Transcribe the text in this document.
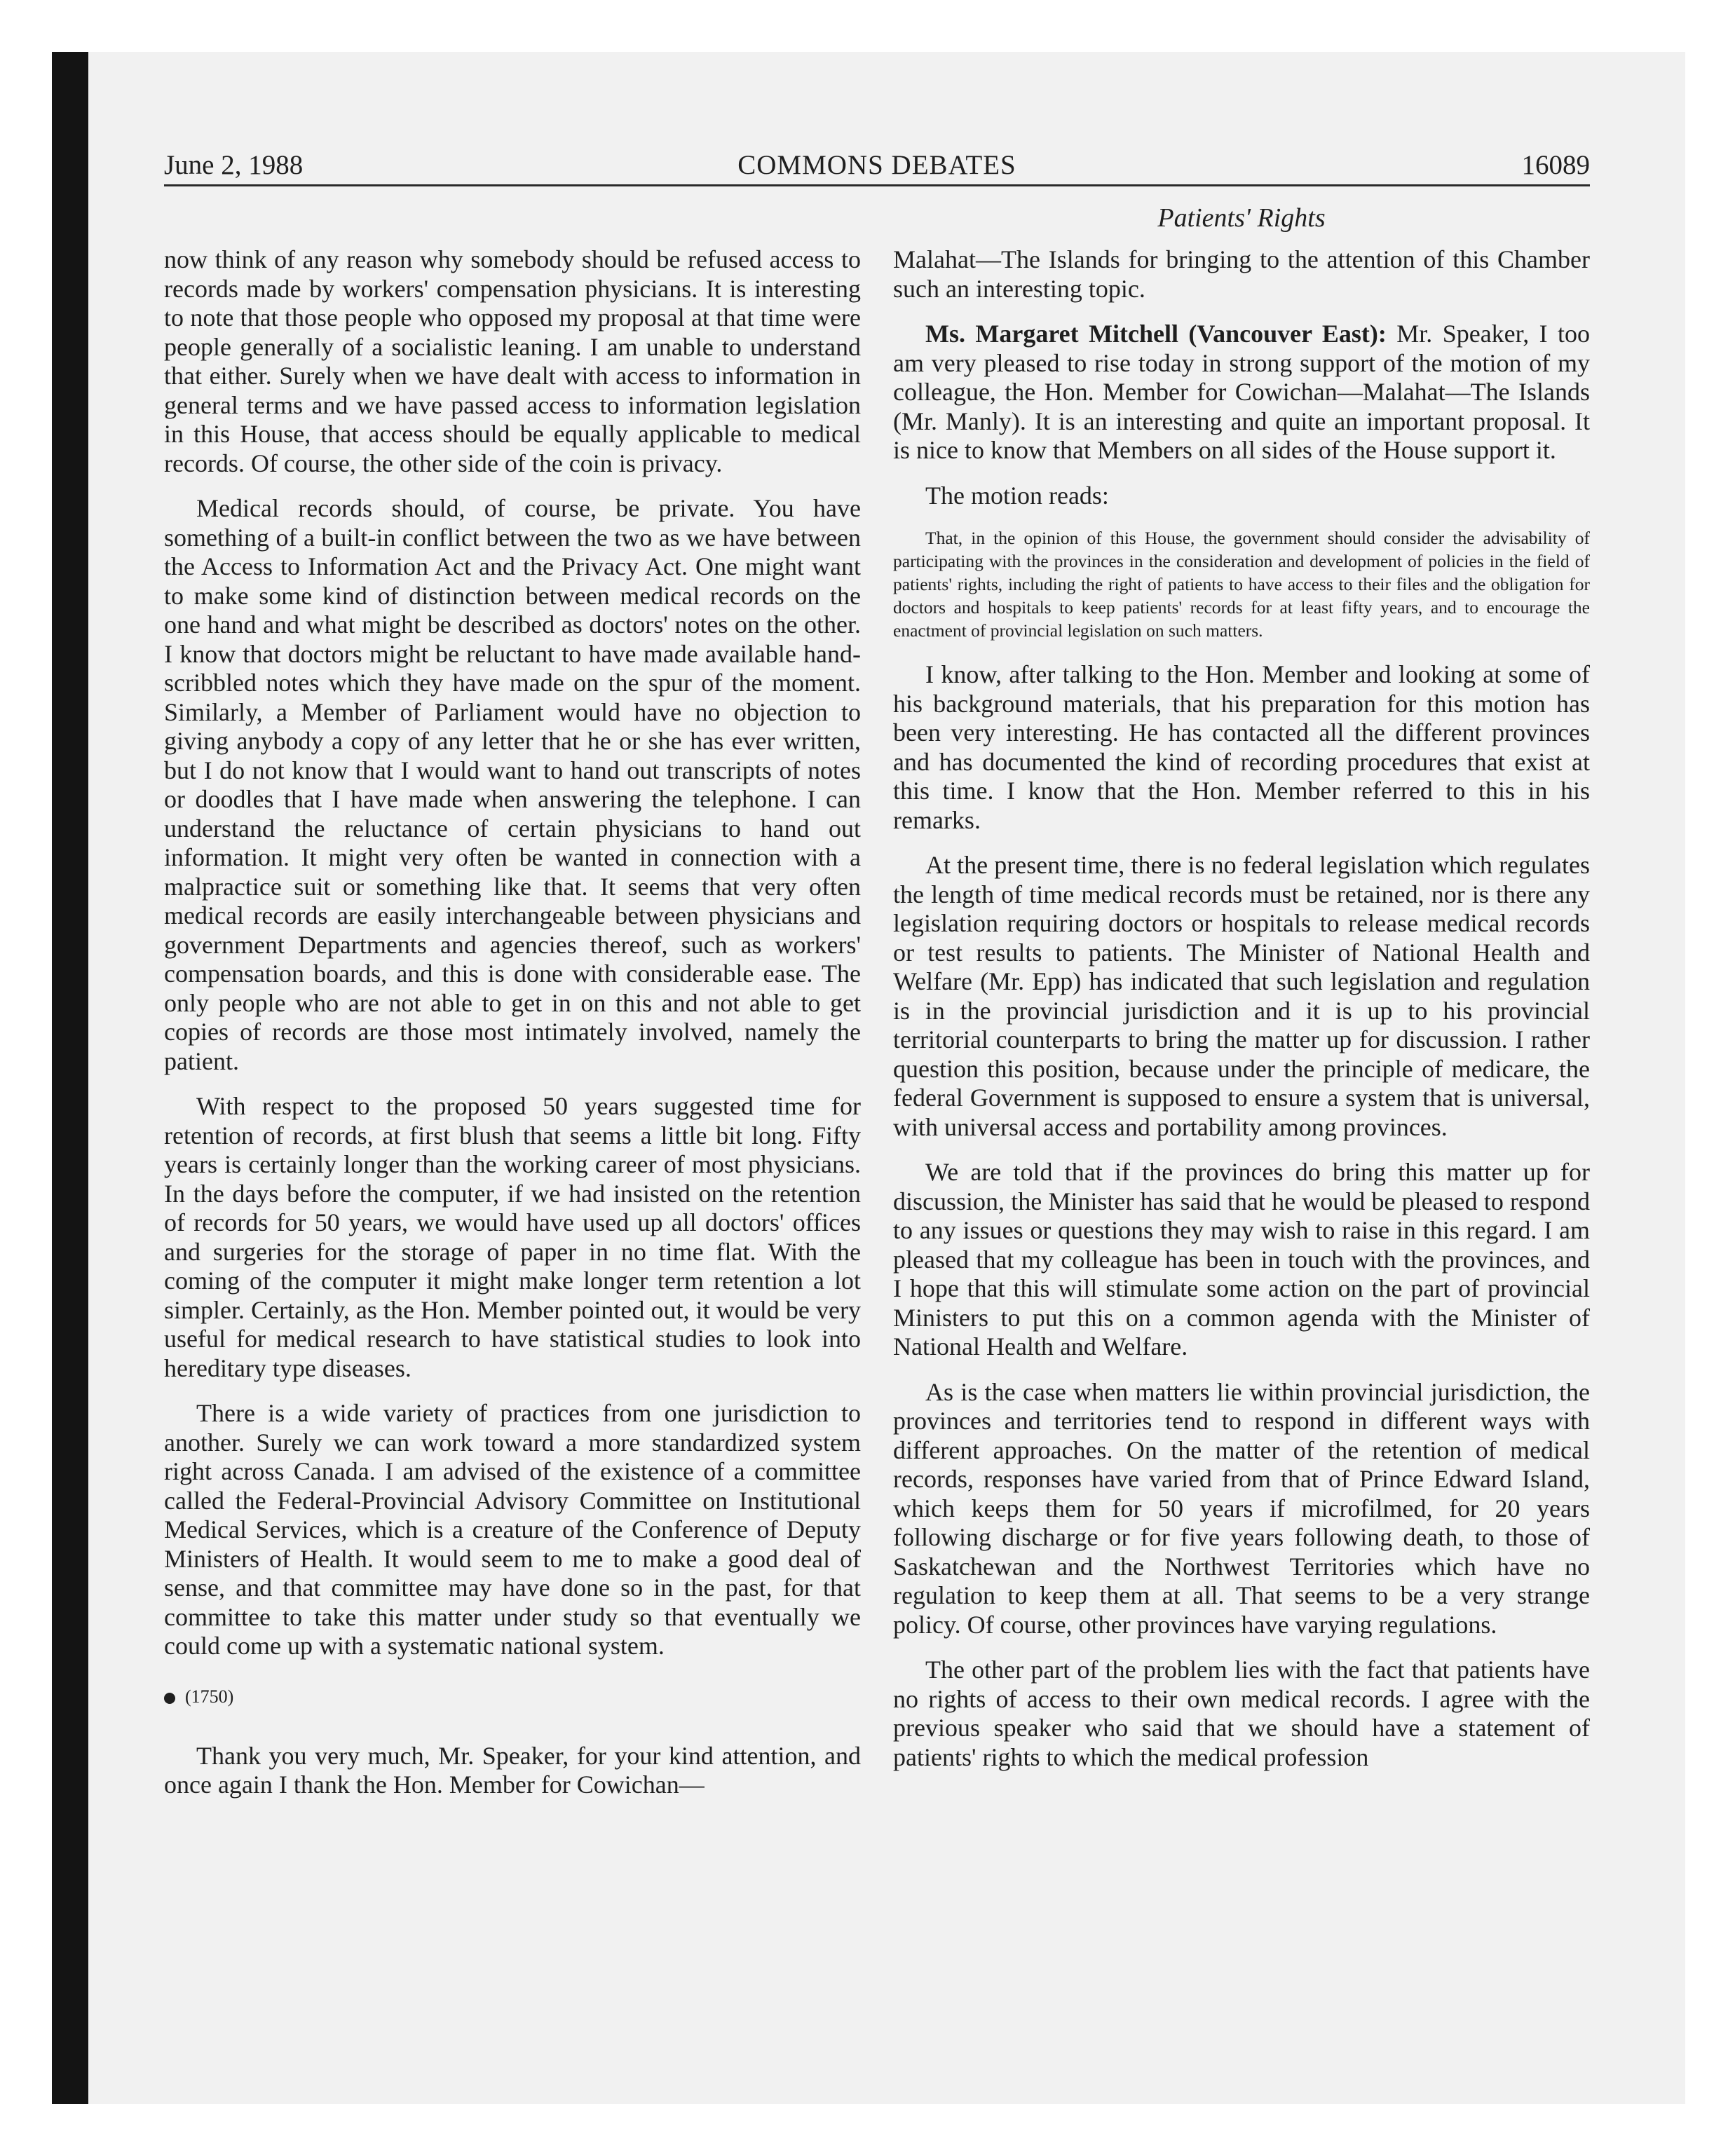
June 2, 1988	COMMONS DEBATES	16089
Patients' Rights

now think of any reason why somebody should be refused access to records made by workers' compensation physicians. It is interesting to note that those people who opposed my proposal at that time were people generally of a socialistic leaning. I am unable to understand that either. Surely when we have dealt with access to information in general terms and we have passed access to information legislation in this House, that access should be equally applicable to medical records. Of course, the other side of the coin is privacy.

Medical records should, of course, be private. You have something of a built-in conflict between the two as we have between the Access to Information Act and the Privacy Act. One might want to make some kind of distinction between medical records on the one hand and what might be described as doctors' notes on the other. I know that doctors might be reluctant to have made available hand-scribbled notes which they have made on the spur of the moment. Similarly, a Member of Parliament would have no objection to giving anybody a copy of any letter that he or she has ever written, but I do not know that I would want to hand out transcripts of notes or doodles that I have made when answering the telephone. I can understand the reluctance of certain physicians to hand out information. It might very often be wanted in connection with a malpractice suit or something like that. It seems that very often medical records are easily interchangeable between physicians and government Departments and agencies thereof, such as workers' compensation boards, and this is done with considerable ease. The only people who are not able to get in on this and not able to get copies of records are those most intimately involved, namely the patient.

With respect to the proposed 50 years suggested time for retention of records, at first blush that seems a little bit long. Fifty years is certainly longer than the working career of most physicians. In the days before the computer, if we had insisted on the retention of records for 50 years, we would have used up all doctors' offices and surgeries for the storage of paper in no time flat. With the coming of the computer it might make longer term retention a lot simpler. Certainly, as the Hon. Member pointed out, it would be very useful for medical research to have statistical studies to look into hereditary type diseases.

There is a wide variety of practices from one jurisdiction to another. Surely we can work toward a more standardized system right across Canada. I am advised of the existence of a committee called the Federal-Provincial Advisory Committee on Institutional Medical Services, which is a creature of the Conference of Deputy Ministers of Health. It would seem to me to make a good deal of sense, and that committee may have done so in the past, for that committee to take this matter under study so that eventually we could come up with a systematic national system.

(1750)

Thank you very much, Mr. Speaker, for your kind attention, and once again I thank the Hon. Member for Cowichan—

Malahat—The Islands for bringing to the attention of this Chamber such an interesting topic.

Ms. Margaret Mitchell (Vancouver East): Mr. Speaker, I too am very pleased to rise today in strong support of the motion of my colleague, the Hon. Member for Cowichan—Malahat—The Islands (Mr. Manly). It is an interesting and quite an important proposal. It is nice to know that Members on all sides of the House support it.

The motion reads:

That, in the opinion of this House, the government should consider the advisability of participating with the provinces in the consideration and development of policies in the field of patients' rights, including the right of patients to have access to their files and the obligation for doctors and hospitals to keep patients' records for at least fifty years, and to encourage the enactment of provincial legislation on such matters.

I know, after talking to the Hon. Member and looking at some of his background materials, that his preparation for this motion has been very interesting. He has contacted all the different provinces and has documented the kind of recording procedures that exist at this time. I know that the Hon. Member referred to this in his remarks.

At the present time, there is no federal legislation which regulates the length of time medical records must be retained, nor is there any legislation requiring doctors or hospitals to release medical records or test results to patients. The Minister of National Health and Welfare (Mr. Epp) has indicated that such legislation and regulation is in the provincial jurisdiction and it is up to his provincial territorial counterparts to bring the matter up for discussion. I rather question this position, because under the principle of medicare, the federal Government is supposed to ensure a system that is universal, with universal access and portability among provinces.

We are told that if the provinces do bring this matter up for discussion, the Minister has said that he would be pleased to respond to any issues or questions they may wish to raise in this regard. I am pleased that my colleague has been in touch with the provinces, and I hope that this will stimulate some action on the part of provincial Ministers to put this on a common agenda with the Minister of National Health and Welfare.

As is the case when matters lie within provincial jurisdiction, the provinces and territories tend to respond in different ways with different approaches. On the matter of the retention of medical records, responses have varied from that of Prince Edward Island, which keeps them for 50 years if microfilmed, for 20 years following discharge or for five years following death, to those of Saskatchewan and the Northwest Territories which have no regulation to keep them at all. That seems to be a very strange policy. Of course, other provinces have varying regulations.

The other part of the problem lies with the fact that patients have no rights of access to their own medical records. I agree with the previous speaker who said that we should have a statement of patients' rights to which the medical profession
